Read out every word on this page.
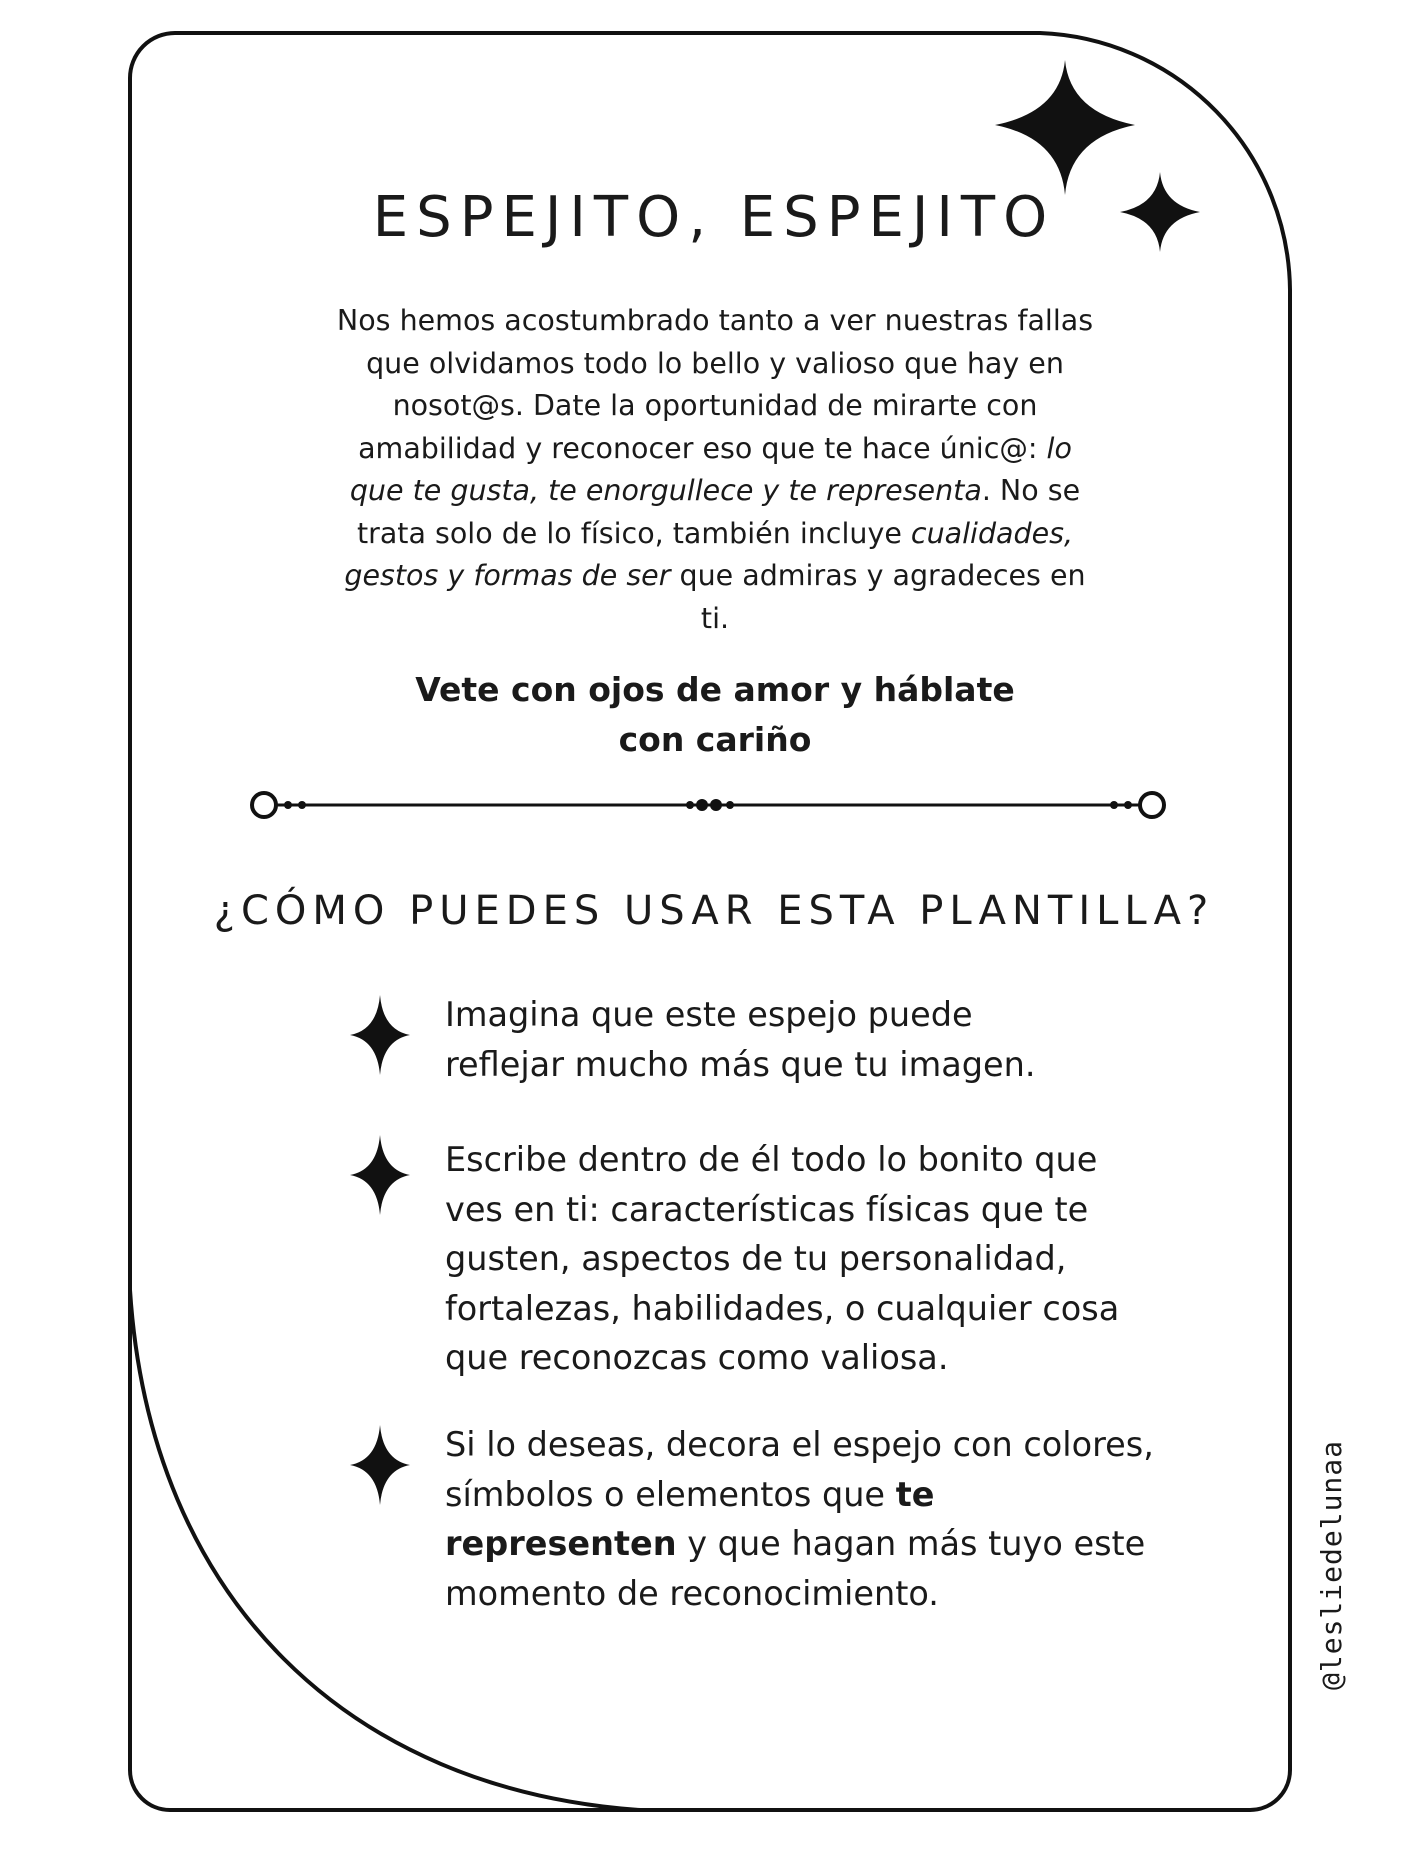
ESPEJITO, ESPEJITO

Nos hemos acostumbrado tanto a ver nuestras fallas que olvidamos todo lo bello y valioso que hay en nosot@s. Date la oportunidad de mirarte con amabilidad y reconocer eso que te hace únic@: lo que te gusta, te enorgullece y te representa. No se trata solo de lo físico, también incluye cualidades, gestos y formas de ser que admiras y agradeces en ti.

Vete con ojos de amor y háblate
con cariño

¿CÓMO PUEDES USAR ESTA PLANTILLA?

Imagina que este espejo puede reflejar mucho más que tu imagen.

Escribe dentro de él todo lo bonito que ves en ti: características físicas que te gusten, aspectos de tu personalidad, fortalezas, habilidades, o cualquier cosa que reconozcas como valiosa.

Si lo deseas, decora el espejo con colores, símbolos o elementos que te representen y que hagan más tuyo este momento de reconocimiento.	@lesliedelunaa
